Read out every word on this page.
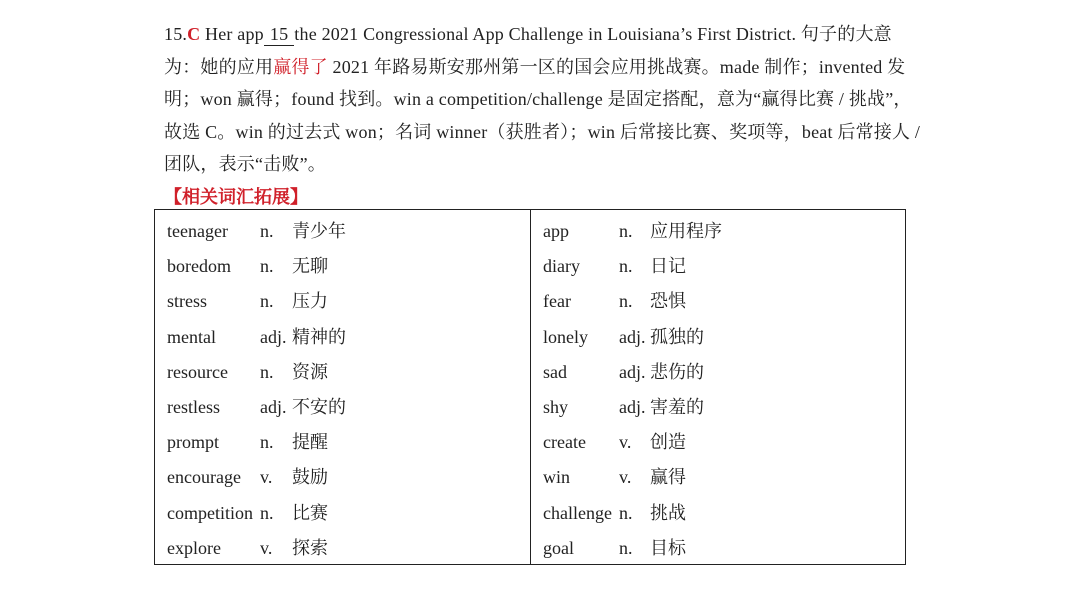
15.C Her app 15 the 2021 Congressional App Challenge in Louisiana’s First District. 句子的大意为：她的应用赢得了 2021 年路易斯安那州第一区的国会应用挑战赛。made 制作；invented 发明；won 赢得；found 找到。win a competition/challenge 是固定搭配，意为“赢得比赛 / 挑战”，故选 C。win 的过去式 won；名词 winner（获胜者）；win 后常接比赛、奖项等，beat 后常接人 / 团队，表示“击败”。
【相关词汇拓展】
teenager n. 青少年
boredom n. 无聊
stress	n. 压力
mental adj. 精神的
resource n. 资源
restless adj. 不安的
prompt n. 提醒
encourage v. 鼓励
competition n. 比赛
explore v. 探索
app	n. 应用程序
diary n. 日记
fear	n. 恐惧
lonely adj. 孤独的
sad	adj. 悲伤的
shy	adj. 害羞的
create v. 创造
win	v. 赢得
challenge n. 挑战
goal	n. 目标
